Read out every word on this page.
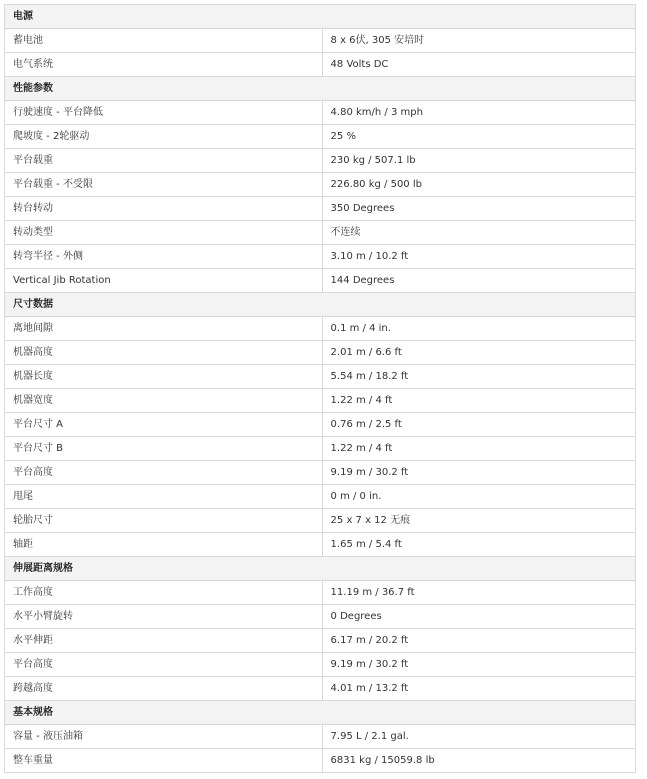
电源	
蓄电池	8 x 6伏, 305 安培时
电气系统	48 Volts DC
性能参数	
行驶速度 - 平台降低	4.80 km/h / 3 mph
爬坡度 - 2轮驱动	25 %
平台载重	230 kg / 507.1 lb
平台载重 - 不受限	226.80 kg / 500 lb
转台转动	350 Degrees
转动类型	不连续
转弯半径 - 外侧	3.10 m / 10.2 ft
Vertical Jib Rotation	144 Degrees
尺寸数据	
离地间隙	0.1 m / 4 in.
机器高度	2.01 m / 6.6 ft
机器长度	5.54 m / 18.2 ft
机器宽度	1.22 m / 4 ft
平台尺寸 A	0.76 m / 2.5 ft
平台尺寸 B	1.22 m / 4 ft
平台高度	9.19 m / 30.2 ft
甩尾	0 m / 0 in.
轮胎尺寸	25 x 7 x 12 无痕
轴距	1.65 m / 5.4 ft
伸展距离规格	
工作高度	11.19 m / 36.7 ft
水平小臂旋转	0 Degrees
水平伸距	6.17 m / 20.2 ft
平台高度	9.19 m / 30.2 ft
跨越高度	4.01 m / 13.2 ft
基本规格	
容量 - 液压油箱	7.95 L / 2.1 gal.
整车重量	6831 kg / 15059.8 lb
